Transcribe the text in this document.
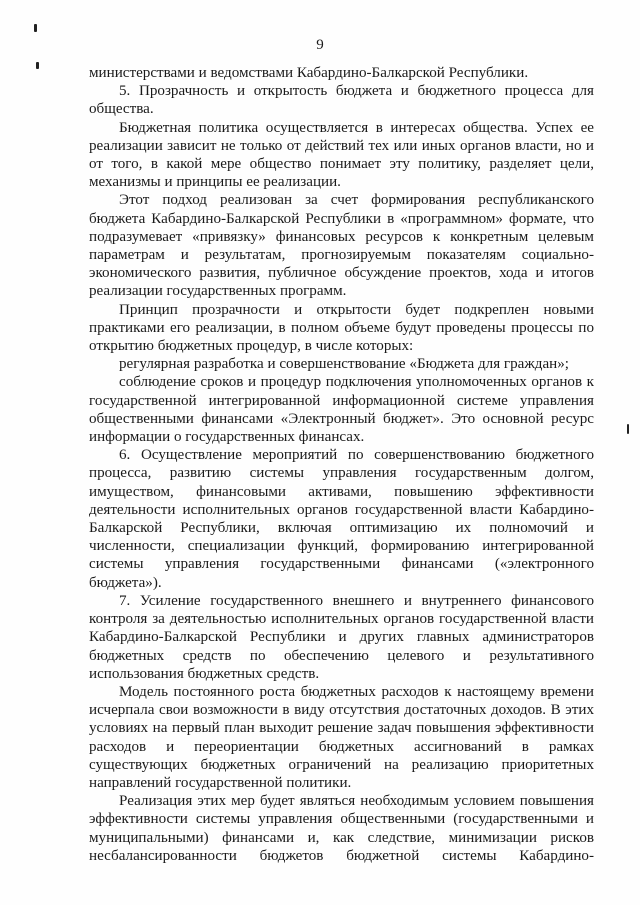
9

министерствами и ведомствами Кабардино-Балкарской Республики.

5. Прозрачность и открытость бюджета и бюджетного процесса для общества.

Бюджетная политика осуществляется в интересах общества. Успех ее реализации зависит не только от действий тех или иных органов власти, но и от того, в какой мере общество понимает эту политику, разделяет цели, механизмы и принципы ее реализации.

Этот подход реализован за счет формирования республиканского бюджета Кабардино-Балкарской Республики в «программном» формате, что подразумевает «привязку» финансовых ресурсов к конкретным целевым параметрам и результатам, прогнозируемым показателям социально-экономического развития, публичное обсуждение проектов, хода и итогов реализации государственных программ.

Принцип прозрачности и открытости будет подкреплен новыми практиками его реализации, в полном объеме будут проведены процессы по открытию бюджетных процедур, в числе которых:

регулярная разработка и совершенствование «Бюджета для граждан»;

соблюдение сроков и процедур подключения уполномоченных органов к государственной интегрированной информационной системе управления общественными финансами «Электронный бюджет». Это основной ресурс информации о государственных финансах.

6. Осуществление мероприятий по совершенствованию бюджетного процесса, развитию системы управления государственным долгом, имуществом, финансовыми активами, повышению эффективности деятельности исполнительных органов государственной власти Кабардино-Балкарской Республики, включая оптимизацию их полномочий и численности, специализации функций, формированию интегрированной системы управления государственными финансами («электронного бюджета»).

7. Усиление государственного внешнего и внутреннего финансового контроля за деятельностью исполнительных органов государственной власти Кабардино-Балкарской Республики и других главных администраторов бюджетных средств по обеспечению целевого и результативного использования бюджетных средств.

Модель постоянного роста бюджетных расходов к настоящему времени исчерпала свои возможности в виду отсутствия достаточных доходов. В этих условиях на первый план выходит решение задач повышения эффективности расходов и переориентации бюджетных ассигнований в рамках существующих бюджетных ограничений на реализацию приоритетных направлений государственной политики.

Реализация этих мер будет являться необходимым условием повышения эффективности системы управления общественными (государственными и муниципальными) финансами и, как следствие, минимизации рисков несбалансированности бюджетов бюджетной системы Кабардино-
